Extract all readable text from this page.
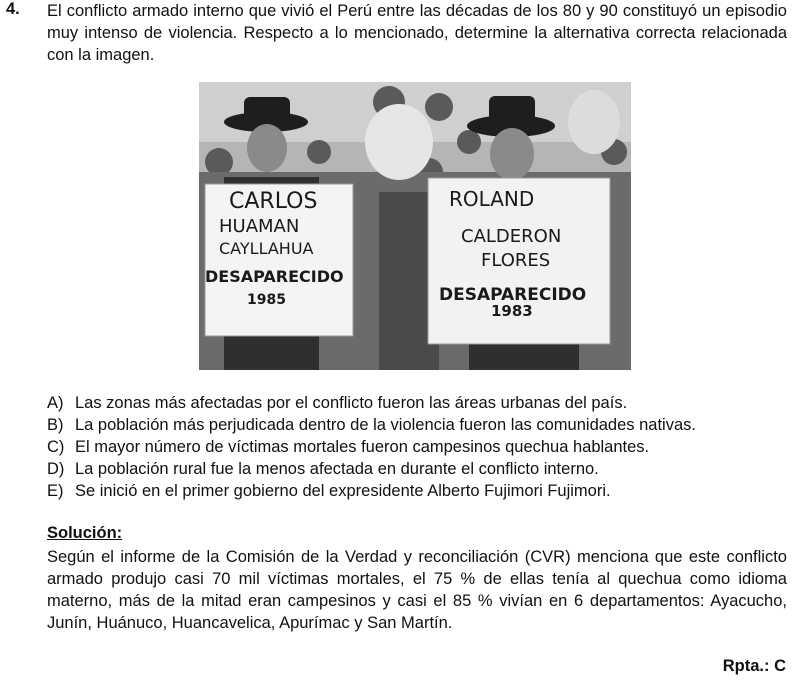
4. El conflicto armado interno que vivió el Perú entre las décadas de los 80 y 90 constituyó un episodio muy intenso de violencia. Respecto a lo mencionado, determine la alternativa correcta relacionada con la imagen.
CARLOS
HUAMAN
CAYLLAHUA
DESAPARECIDO
1985
ROLAND
CALDERON
FLORES
DESAPARECIDO
1983
A) Las zonas más afectadas por el conflicto fueron las áreas urbanas del país.
B) La población más perjudicada dentro de la violencia fueron las comunidades nativas.
C) El mayor número de víctimas mortales fueron campesinos quechua hablantes.
D) La población rural fue la menos afectada en durante el conflicto interno.
E) Se inició en el primer gobierno del expresidente Alberto Fujimori Fujimori.
Solución:
Según el informe de la Comisión de la Verdad y reconciliación (CVR) menciona que este conflicto armado produjo casi 70 mil víctimas mortales, el 75 % de ellas tenía al quechua como idioma materno, más de la mitad eran campesinos y casi el 85 % vivían en 6 departamentos: Ayacucho, Junín, Huánuco, Huancavelica, Apurímac y San Martín.
Rpta.: C
